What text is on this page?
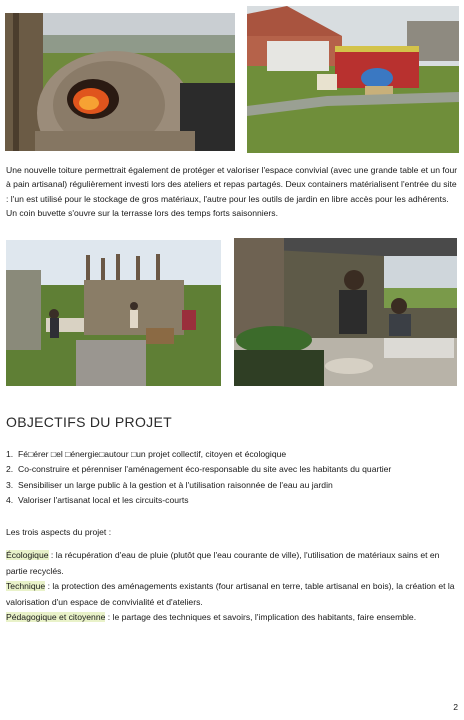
Une nouvelle toiture permettrait également de protéger et valoriser l'espace convivial (avec une grande table et un four à pain artisanal) régulièrement investi lors des ateliers et repas partagés. Deux containers matérialisent l'entrée du site : l'un est utilisé pour le stockage de gros matériaux, l'autre pour les outils de jardin en libre accès pour les adhérents. Un coin buvette s'ouvre sur la terrasse lors des temps forts saisonniers.

OBJECTIFS DU PROJET
1. Fé□érer □el □énergie□autour □un projet collectif, citoyen et écologique
2. Co-construire et pérenniser l'aménagement éco-responsable du site avec les habitants du quartier
3. Sensibiliser un large public à la gestion et à l'utilisation raisonnée de l'eau au jardin
4. Valoriser l'artisanat local et les circuits-courts

Les trois aspects du projet :

Écologique : la récupération d'eau de pluie (plutôt que l'eau courante de ville), l'utilisation de matériaux sains et en partie recyclés.

Technique : la protection des aménagements existants (four artisanal en terre, table artisanal en bois), la création et la valorisation d'un espace de convivialité et d'ateliers.

Pédagogique et citoyenne : le partage des techniques et savoirs, l'implication des habitants, faire ensemble.

2
